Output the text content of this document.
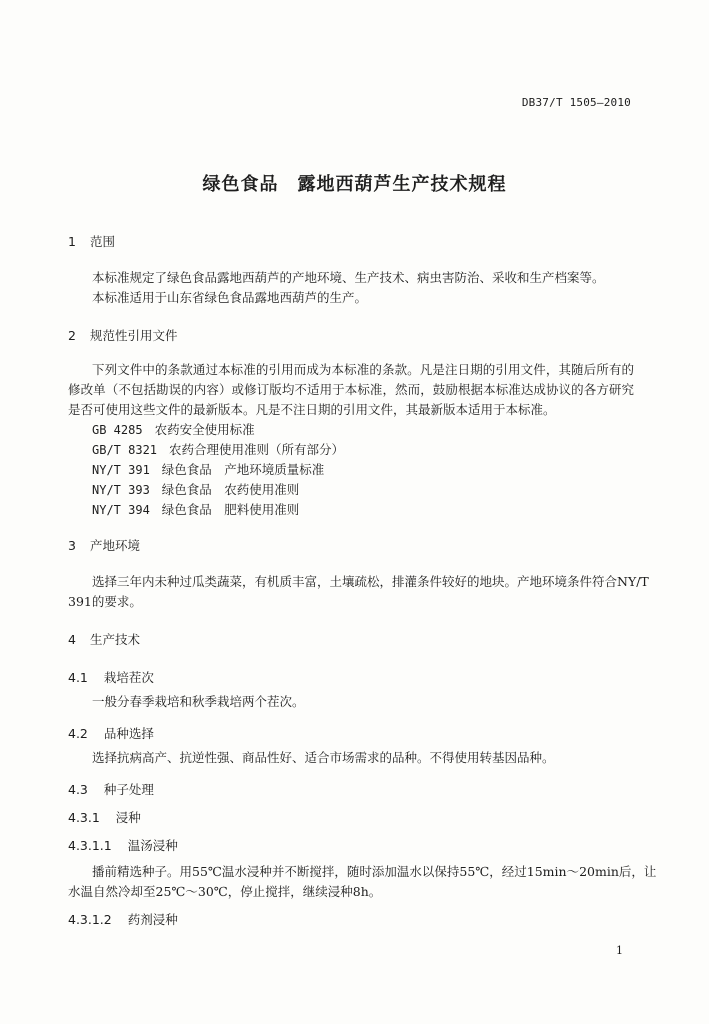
DB37/T 1505—2010
绿色食品　露地西葫芦生产技术规程
1 范围
本标准规定了绿色食品露地西葫芦的产地环境、生产技术、病虫害防治、采收和生产档案等。
本标准适用于山东省绿色食品露地西葫芦的生产。
2 规范性引用文件
下列文件中的条款通过本标准的引用而成为本标准的条款。凡是注日期的引用文件，其随后所有的
修改单（不包括勘误的内容）或修订版均不适用于本标准，然而，鼓励根据本标准达成协议的各方研究
是否可使用这些文件的最新版本。凡是不注日期的引用文件，其最新版本适用于本标准。
GB 4285 农药安全使用标准
GB/T 8321 农药合理使用准则（所有部分）
NY/T 391 绿色食品　产地环境质量标准
NY/T 393 绿色食品　农药使用准则
NY/T 394 绿色食品　肥料使用准则
3 产地环境
选择三年内未种过瓜类蔬菜，有机质丰富，土壤疏松，排灌条件较好的地块。产地环境条件符合NY/T
391的要求。
4 生产技术
4.1 栽培茬次
一般分春季栽培和秋季栽培两个茬次。
4.2 品种选择
选择抗病高产、抗逆性强、商品性好、适合市场需求的品种。不得使用转基因品种。
4.3 种子处理
4.3.1 浸种
4.3.1.1 温汤浸种
播前精选种子。用55℃温水浸种并不断搅拌，随时添加温水以保持55℃，经过15min～20min后，让
水温自然冷却至25℃～30℃，停止搅拌，继续浸种8h。
4.3.1.2 药剂浸种
1
